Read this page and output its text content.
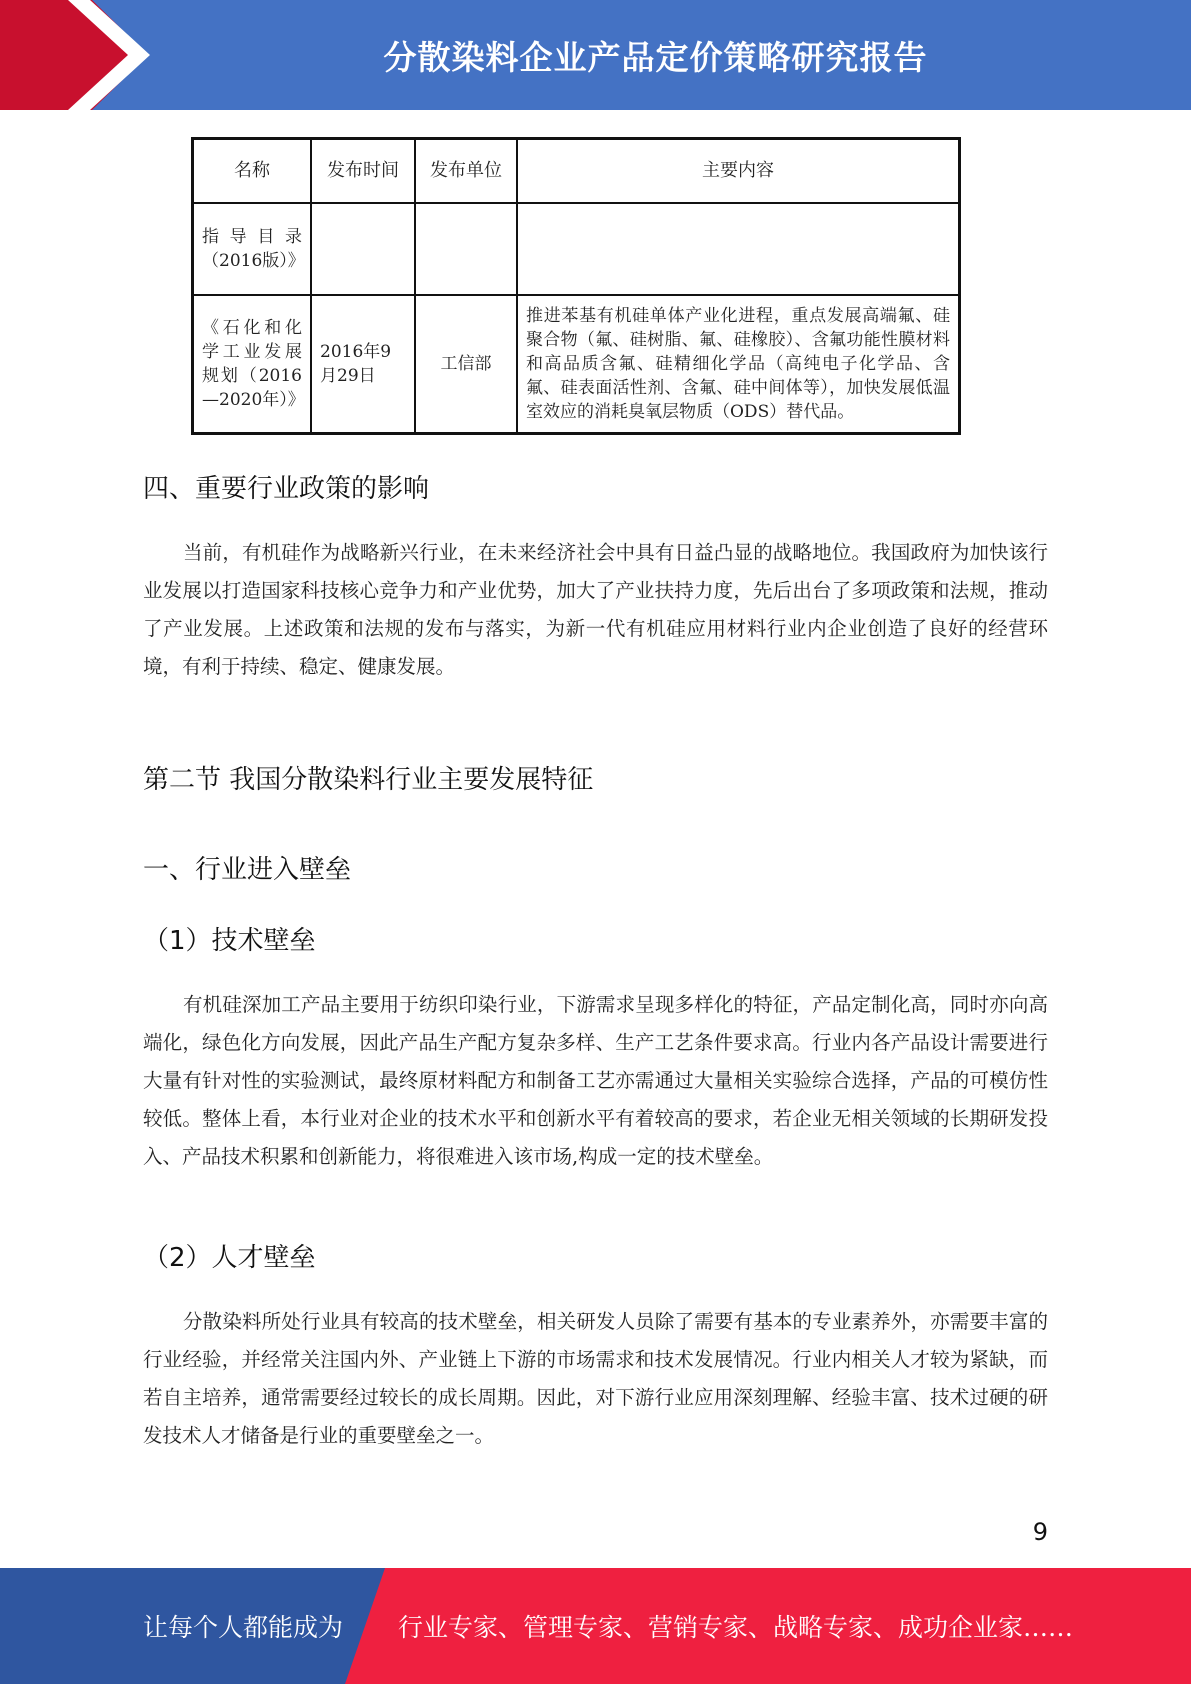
分散染料企业产品定价策略研究报告
名称	发布时间	发布单位	主要内容
指导目录（2016版）》			
《石化和化学工业发展规划（2016—2020年）》	2016年9月29日	工信部	推进苯基有机硅单体产业化进程，重点发展高端氟、硅聚合物（氟、硅树脂、氟、硅橡胶）、含氟功能性膜材料和高品质含氟、硅精细化学品（高纯电子化学品、含氟、硅表面活性剂、含氟、硅中间体等），加快发展低温室效应的消耗臭氧层物质（ODS）替代品。
四、重要行业政策的影响

当前，有机硅作为战略新兴行业，在未来经济社会中具有日益凸显的战略地位。我国政府为加快该行业发展以打造国家科技核心竞争力和产业优势，加大了产业扶持力度，先后出台了多项政策和法规，推动了产业发展。上述政策和法规的发布与落实，为新一代有机硅应用材料行业内企业创造了良好的经营环境，有利于持续、稳定、健康发展。

第二节 我国分散染料行业主要发展特征
一、行业进入壁垒
（1）技术壁垒

有机硅深加工产品主要用于纺织印染行业，下游需求呈现多样化的特征，产品定制化高，同时亦向高端化，绿色化方向发展，因此产品生产配方复杂多样、生产工艺条件要求高。行业内各产品设计需要进行大量有针对性的实验测试，最终原材料配方和制备工艺亦需通过大量相关实验综合选择，产品的可模仿性较低。整体上看，本行业对企业的技术水平和创新水平有着较高的要求，若企业无相关领域的长期研发投入、产品技术积累和创新能力，将很难进入该市场,构成一定的技术壁垒。

（2）人才壁垒

分散染料所处行业具有较高的技术壁垒，相关研发人员除了需要有基本的专业素养外，亦需要丰富的行业经验，并经常关注国内外、产业链上下游的市场需求和技术发展情况。行业内相关人才较为紧缺，而若自主培养，通常需要经过较长的成长周期。因此，对下游行业应用深刻理解、经验丰富、技术过硬的研发技术人才储备是行业的重要壁垒之一。

9
让每个人都能成为 行业专家、管理专家、营销专家、战略专家、成功企业家……
